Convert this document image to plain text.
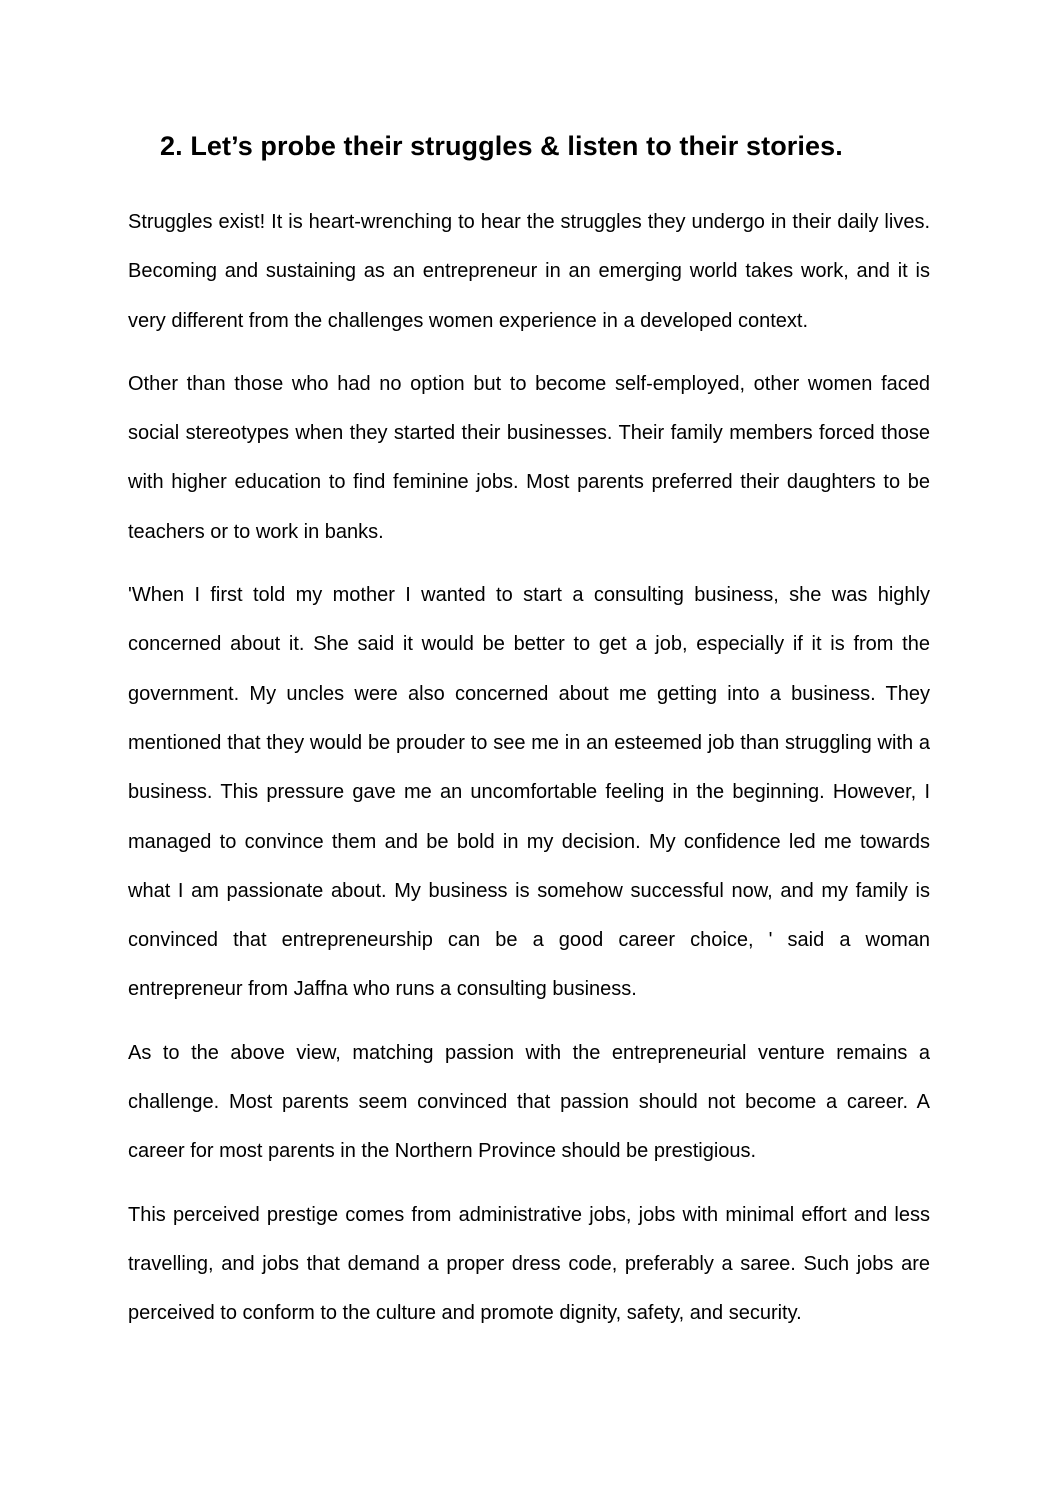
2. Let’s probe their struggles & listen to their stories.

Struggles exist! It is heart-wrenching to hear the struggles they undergo in their daily lives. Becoming and sustaining as an entrepreneur in an emerging world takes work, and it is very different from the challenges women experience in a developed context.

Other than those who had no option but to become self-employed, other women faced social stereotypes when they started their businesses. Their family members forced those with higher education to find feminine jobs. Most parents preferred their daughters to be teachers or to work in banks.

'When I first told my mother I wanted to start a consulting business, she was highly concerned about it. She said it would be better to get a job, especially if it is from the government. My uncles were also concerned about me getting into a business. They mentioned that they would be prouder to see me in an esteemed job than struggling with a business. This pressure gave me an uncomfortable feeling in the beginning. However, I managed to convince them and be bold in my decision. My confidence led me towards what I am passionate about. My business is somehow successful now, and my family is convinced that entrepreneurship can be a good career choice, ' said a woman entrepreneur from Jaffna who runs a consulting business.

As to the above view, matching passion with the entrepreneurial venture remains a challenge. Most parents seem convinced that passion should not become a career. A career for most parents in the Northern Province should be prestigious.

This perceived prestige comes from administrative jobs, jobs with minimal effort and less travelling, and jobs that demand a proper dress code, preferably a saree. Such jobs are perceived to conform to the culture and promote dignity, safety, and security.
